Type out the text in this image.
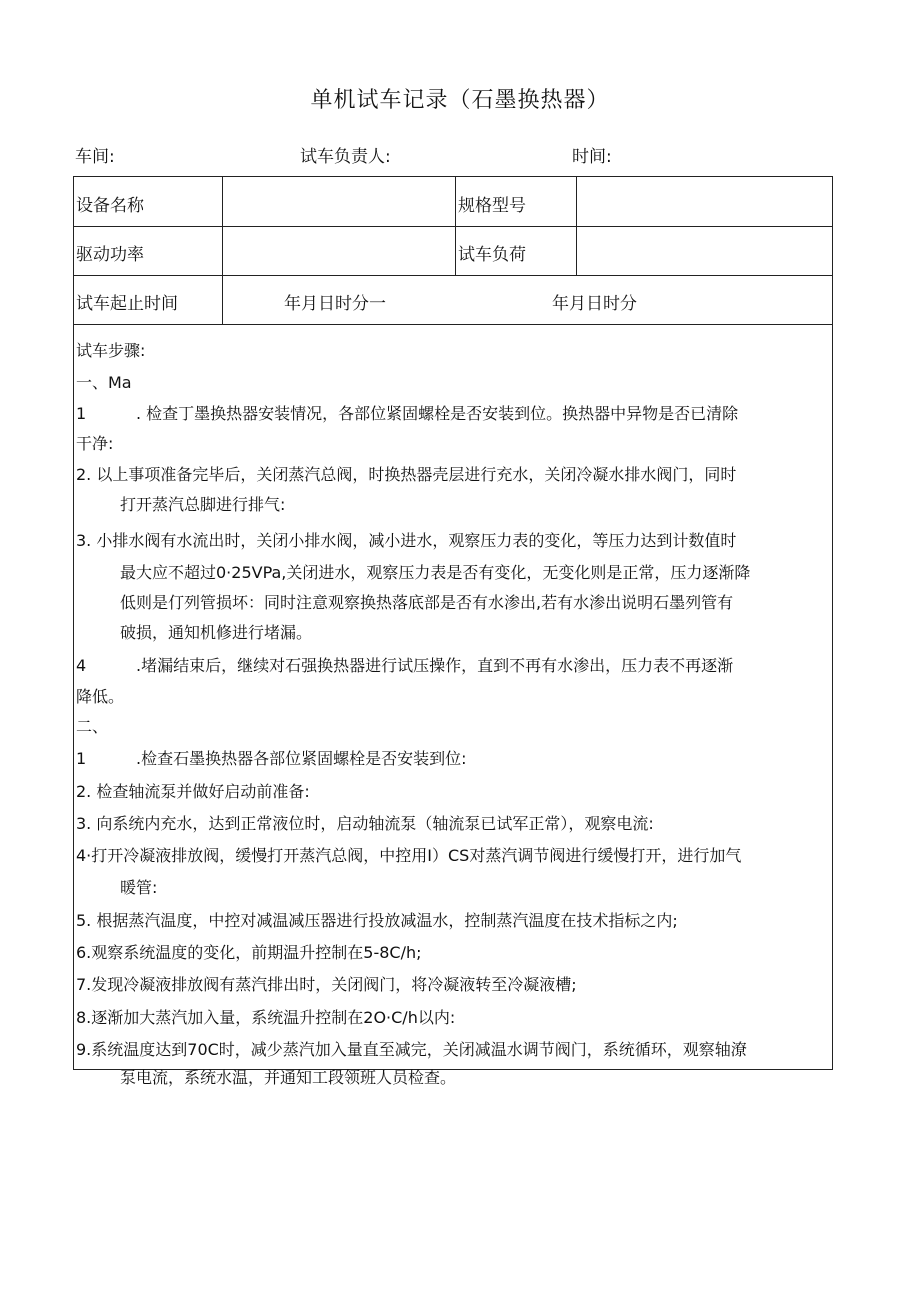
单机试车记录（石墨换热器）
车间:	试车负责人:	时间:
设备名称	规格型号
驱动功率	试车负荷
试车起止时间	年月日时分一	年月日时分
试车步骤:
一、Ma
1	. 检查丁墨换热器安装情况，各部位紧固螺栓是否安装到位。换热器中异物是否已清除
干净:
2. 以上事项准备完毕后，关闭蒸汽总阀，时换热器壳层进行充水，关闭冷凝水排水阀门，同时
打开蒸汽总脚进行排气:
3. 小排水阀有水流出时，关闭小排水阀，减小进水，观察压力表的变化，等压力达到计数值时
最大应不超过0·25VPa,关闭进水，观察压力表是否有变化，无变化则是正常，压力逐渐降
低则是仃列管损坏：同时注意观察换热落底部是否有水渗出,若有水渗出说明石墨列管有
破损，通知机修进行堵漏。
4	.堵漏结束后，继续对石强换热器进行试压操作，直到不再有水渗出，压力表不再逐渐
降低。
二、
1	.检查石墨换热器各部位紧固螺栓是否安装到位:
2. 检查轴流泵并做好启动前准备:
3. 向系统内充水，达到正常液位时，启动轴流泵（轴流泵已试军正常），观察电流:
4·打开冷凝液排放阀，缓慢打开蒸汽总阀，中控用I）CS对蒸汽调节阀进行缓慢打开，进行加气
暖管:
5. 根据蒸汽温度，中控对减温减压器进行投放减温水，控制蒸汽温度在技术指标之内;
6.观察系统温度的变化，前期温升控制在5-8C∕h;
7.发现冷凝液排放阀有蒸汽排出时，关闭阀门，将冷凝液转至冷凝液槽;
8.逐渐加大蒸汽加入量，系统温升控制在2O·C∕h以内:
9.系统温度达到70C时，减少蒸汽加入量直至减完，关闭减温水调节阀门，系统循环，观察轴潦
泵电流，系统水温，并通知工段领班人员检查。
